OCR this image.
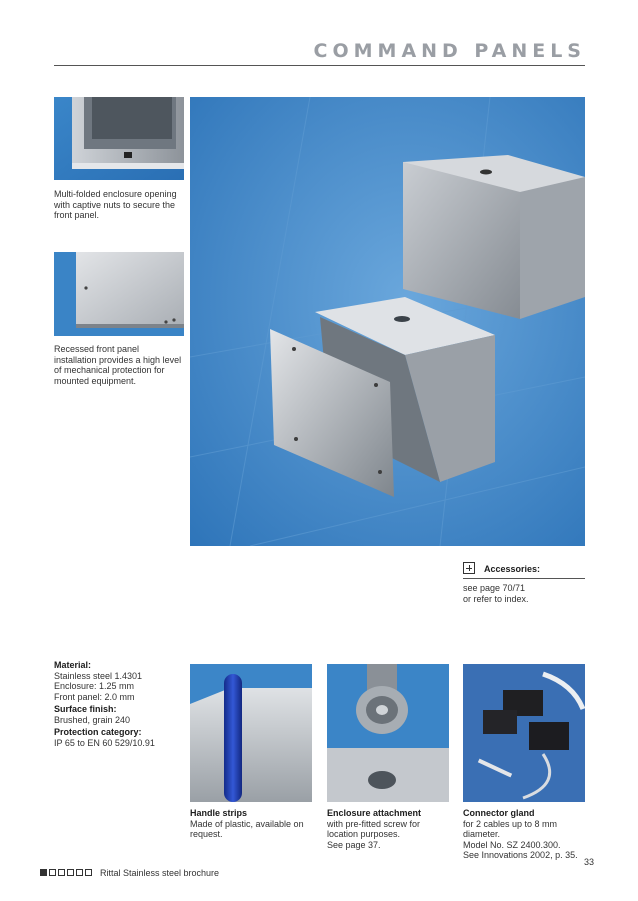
COMMAND PANELS
Multi-folded enclosure opening with captive nuts to secure the front panel.
Recessed front panel installation provides a high level of mechanical protection for mounted equipment.
Accessories:
see page 70/71
or refer to index.
Material:
Stainless steel 1.4301
Enclosure: 1.25 mm
Front panel: 2.0 mm
Surface finish:
Brushed, grain 240
Protection category:
IP 65 to EN 60 529/10.91
Handle strips
Made of plastic, available on
request.
Enclosure attachment
with pre-fitted screw for
location purposes.
See page 37.
Connector gland
for 2 cables up to 8 mm
diameter.
Model No. SZ 2400.300.
See Innovations 2002, p. 35.
33
Rittal Stainless steel brochure
